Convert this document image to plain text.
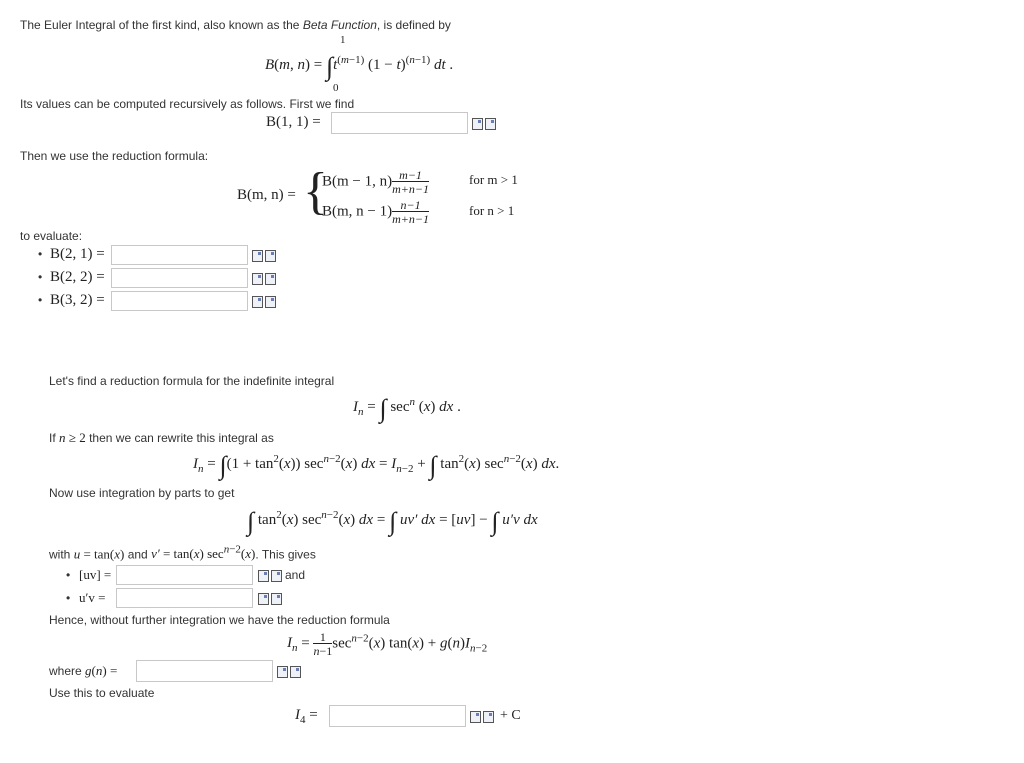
The Euler Integral of the first kind, also known as the Beta Function, is defined by
1
B(m, $n) = \int t^{(m-1)}$ $(1 - t)^{(n-1)}$ dt .
0
Its values can be computed recursively as follows. First we find
B(1, 1) =
Then we use the reduction formula:
B(m, n) = {
B(m − 1, $n) \frac{m-1}{m+n-1}$	for m > 1
B(m, $n - 1) \frac{n-1}{m+n-1}$	for n > 1
to evaluate:
• B(2, 1) =
• B(2, 2) =
• B(3, 2) =
Let's find a reduction formula for the indefinite integral
$I_n$ = ∫ $\sec^n (x)$ dx .
If n ≥ 2 then we can rewrite this integral as
$I_n = \int(1 + \tan^2(x))$ $\sec^{n-2}(x)$ dx = $I_{n-2}$ + ∫ $\tan^2(x)$ $\sec^{n-2}(x)$ dx.
Now use integration by parts to get
∫ $\tan^2(x)$ $\sec^{n-2}(x)$ dx = ∫ uv′ dx = [uv] − ∫ u′v dx
with u = tan(x) and v′ = tan(x) $\sec^{n-2}(x)$. This gives
• [uv] =	and
• u′v =
Hence, without further integration we have the reduction formula
$I_n = \frac{1}{n-1} \sec^{n-2}(x) \tan(x) + g(n)I_{n-2}$
where g(n) =
Use this to evaluate
$I_4$ =	+ C
